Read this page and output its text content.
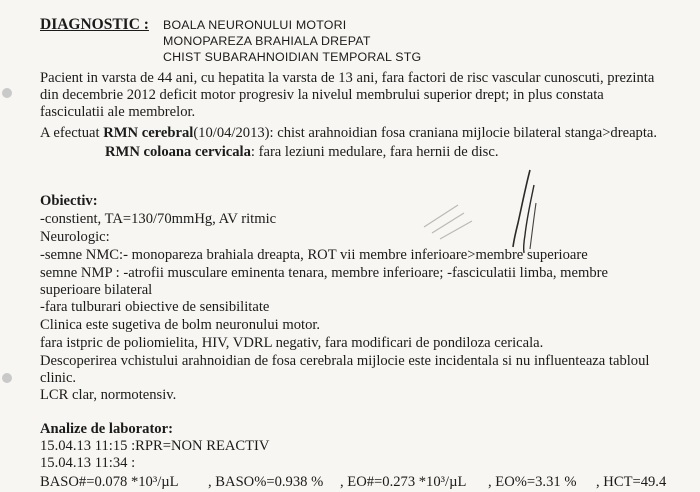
DIAGNOSTIC : BOALA NEURONULUI MOTORI
MONOPAREZA BRAHIALA DREPAT
CHIST SUBARAHNOIDIAN TEMPORAL STG
Pacient in varsta de 44 ani, cu hepatita la varsta de 13 ani, fara factori de risc vascular cunoscuti, prezinta
din decembrie 2012 deficit motor progresiv la nivelul membrului superior drept; in plus constata
fasciculatii ale membrelor.
A efectuat RMN cerebral(10/04/2013): chist arahnoidian fosa craniana mijlocie bilateral stanga>dreapta.
RMN coloana cervicala: fara leziuni medulare, fara hernii de disc.
Obiectiv:
-constient, TA=130/70mmHg, AV ritmic
Neurologic:
-semne NMC:- monopareza brahiala dreapta, ROT vii membre inferioare>membre superioare
semne NMP : -atrofii musculare eminenta tenara, membre inferioare; -fasciculatii limba, membre
superioare bilateral
-fara tulburari obiective de sensibilitate
Clinica este sugetiva de bolm neuronului motor.
fara istpric de poliomielita, HIV, VDRL negativ, fara modificari de pondiloza cericala.
Descoperirea vchistului arahnoidian de fosa cerebrala mijlocie este incidentala si nu influenteaza tabloul
clinic.
LCR clar, normotensiv.
Analize de laborator:
15.04.13 11:15 :RPR=NON REACTIV
15.04.13 11:34 :
BASO#=0.078 *10³/µL , BASO%=0.938 % , EO#=0.273 *10³/µL , EO%=3.31 % , HCT=49.4
